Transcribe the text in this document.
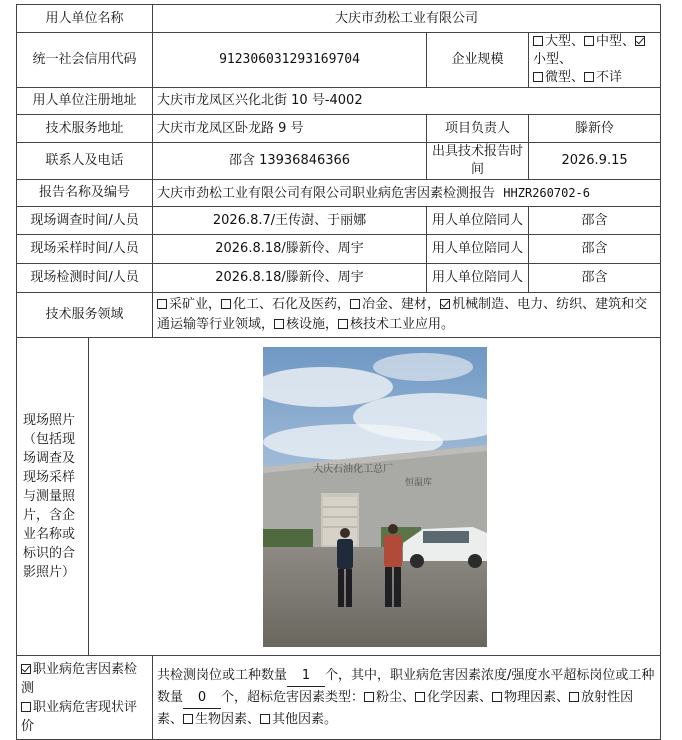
用人单位名称		大庆市劲松工业有限公司		
统一社会信用代码		912306031293169704	企业规模	大型、 中型、小型、
微型、 不详
用人单位注册地址		大庆市龙凤区兴化北街 10 号-4002		
技术服务地址		大庆市龙凤区卧龙路 9 号	项目负责人	滕新伶
联系人及电话		邵含 13936846366	出具技术报告时间	2026.9.15
报告名称及编号		大庆市劲松工业有限公司有限公司职业病危害因素检测报告 HHZR260702-6		
现场调查时间/人员		2026.8.7/王传澍、于丽娜	用人单位陪同人	邵含
现场采样时间/人员		2026.8.18/滕新伶、周宇	用人单位陪同人	邵含
现场检测时间/人员		2026.8.18/滕新伶、周宇	用人单位陪同人	邵含
技术服务领域		采矿业， 化工、石化及医药， 冶金、建材， 机械制造、电力、纺织、建筑和交通运输等行业领域， 核设施， 核技术工业应用。		
现场照片（包括现场调查及现场采样与测量照片，含企业名称或标识的合影照片）	大庆石油化工总厂
恒温库			

职业病危害因素检测
职业病危害现状评价		共检测岗位或工种数量 1 个，其中，职业病危害因素浓度/强度水平超标岗位或工种数量 0 个，超标危害因素类型： 粉尘、 化学因素、 物理因素、 放射性因素、 生物因素、 其他因素。		
